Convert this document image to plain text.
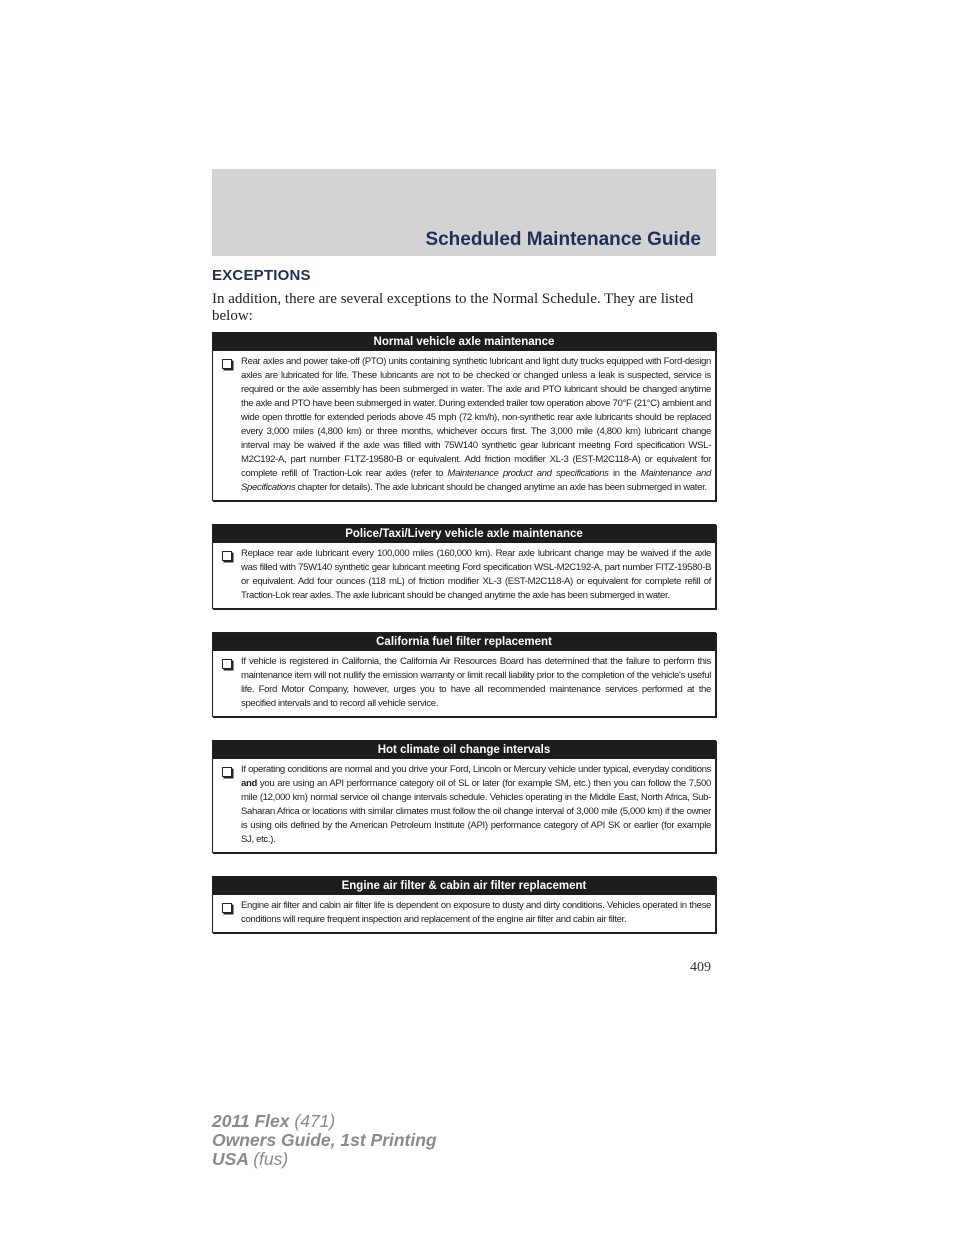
Scheduled Maintenance Guide
EXCEPTIONS
In addition, there are several exceptions to the Normal Schedule. They are listed below:
Normal vehicle axle maintenance
Rear axles and power take-off (PTO) units containing synthetic lubricant and light duty trucks equipped with Ford-design axles are lubricated for life. These lubricants are not to be checked or changed unless a leak is suspected, service is required or the axle assembly has been submerged in water. The axle and PTO lubricant should be changed anytime the axle and PTO have been submerged in water. During extended trailer tow operation above 70°F (21°C) ambient and wide open throttle for extended periods above 45 mph (72 km/h), non-synthetic rear axle lubricants should be replaced every 3,000 miles (4,800 km) or three months, whichever occurs first. The 3,000 mile (4,800 km) lubricant change interval may be waived if the axle was filled with 75W140 synthetic gear lubricant meeting Ford specification WSL-M2C192-A, part number F1TZ-19580-B or equivalent. Add friction modifier XL-3 (EST-M2C118-A) or equivalent for complete refill of Traction-Lok rear axles (refer to Maintenance product and specifications in the Maintenance and Specifications chapter for details). The axle lubricant should be changed anytime an axle has been submerged in water.
Police/Taxi/Livery vehicle axle maintenance
Replace rear axle lubricant every 100,000 miles (160,000 km). Rear axle lubricant change may be waived if the axle was filled with 75W140 synthetic gear lubricant meeting Ford specification WSL-M2C192-A, part number FITZ-19580-B or equivalent. Add four ounces (118 mL) of friction modifier XL-3 (EST-M2C118-A) or equivalent for complete refill of Traction-Lok rear axles. The axle lubricant should be changed anytime the axle has been submerged in water.
California fuel filter replacement
If vehicle is registered in California, the California Air Resources Board has determined that the failure to perform this maintenance item will not nullify the emission warranty or limit recall liability prior to the completion of the vehicle's useful life. Ford Motor Company, however, urges you to have all recommended maintenance services performed at the specified intervals and to record all vehicle service.
Hot climate oil change intervals
If operating conditions are normal and you drive your Ford, Lincoln or Mercury vehicle under typical, everyday conditions and you are using an API performance category oil of SL or later (for example SM, etc.) then you can follow the 7,500 mile (12,000 km) normal service oil change intervals schedule. Vehicles operating in the Middle East, North Africa, Sub-Saharan Africa or locations with similar climates must follow the oil change interval of 3,000 mile (5,000 km) if the owner is using oils defined by the American Petroleum Institute (API) performance category of API SK or earlier (for example SJ, etc.).
Engine air filter & cabin air filter replacement
Engine air filter and cabin air filter life is dependent on exposure to dusty and dirty conditions. Vehicles operated in these conditions will require frequent inspection and replacement of the engine air filter and cabin air filter.
409
2011 Flex (471)
Owners Guide, 1st Printing
USA (fus)
